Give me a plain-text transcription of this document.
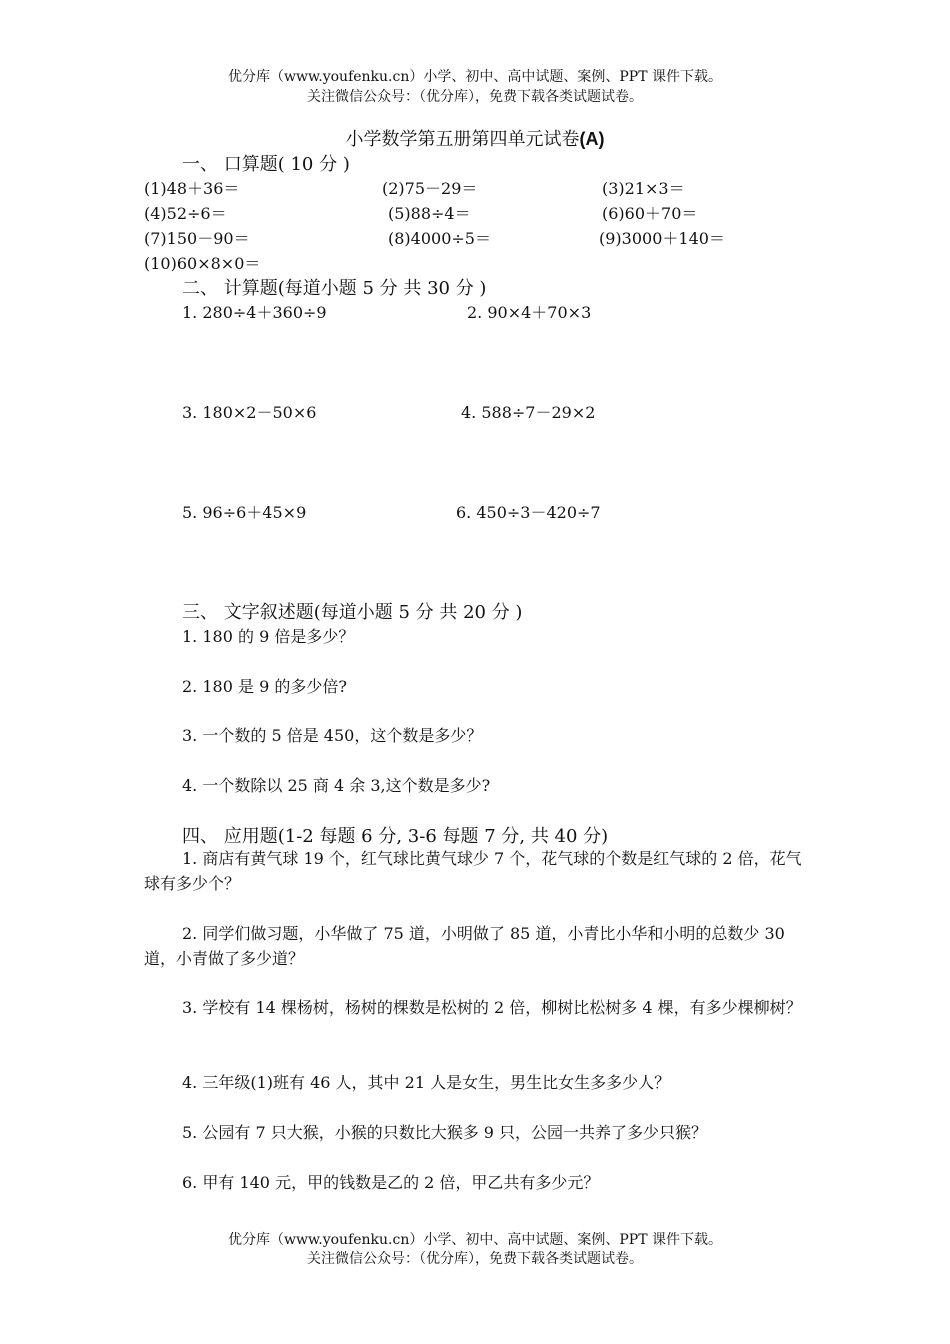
优分库（www.youfenku.cn）小学、初中、高中试题、案例、PPT 课件下载。
关注微信公众号：（优分库），免费下载各类试题试卷。
小学数学第五册第四单元试卷(A)
一、 口算题( 10 分 )
(1)48＋36＝	(2)75－29＝	(3)21×3＝
(4)52÷6＝	(5)88÷4＝	(6)60＋70＝
(7)150－90＝	(8)4000÷5＝	(9)3000＋140＝
(10)60×8×0＝
二、 计算题(每道小题 5 分 共 30 分 )
1. 280÷4＋360÷9	2. 90×4＋70×3
3. 180×2－50×6	4. 588÷7－29×2
5. 96÷6＋45×9	6. 450÷3－420÷7
三、 文字叙述题(每道小题 5 分 共 20 分 )
1. 180 的 9 倍是多少？
2. 180 是 9 的多少倍?
3. 一个数的 5 倍是 450，这个数是多少？
4. 一个数除以 25 商 4 余 3,这个数是多少?
四、 应用题(1-2 每题 6 分, 3-6 每题 7 分, 共 40 分)
1. 商店有黄气球 19 个，红气球比黄气球少 7 个，花气球的个数是红气球的 2 倍，花气球有多少个？
2. 同学们做习题，小华做了 75 道，小明做了 85 道，小青比小华和小明的总数少 30 道，小青做了多少道？
3. 学校有 14 棵杨树，杨树的棵数是松树的 2 倍，柳树比松树多 4 棵，有多少棵柳树？
4. 三年级(1)班有 46 人，其中 21 人是女生，男生比女生多多少人？
5. 公园有 7 只大猴，小猴的只数比大猴多 9 只，公园一共养了多少只猴？
6. 甲有 140 元，甲的钱数是乙的 2 倍，甲乙共有多少元？
优分库（www.youfenku.cn）小学、初中、高中试题、案例、PPT 课件下载。
关注微信公众号：（优分库），免费下载各类试题试卷。
